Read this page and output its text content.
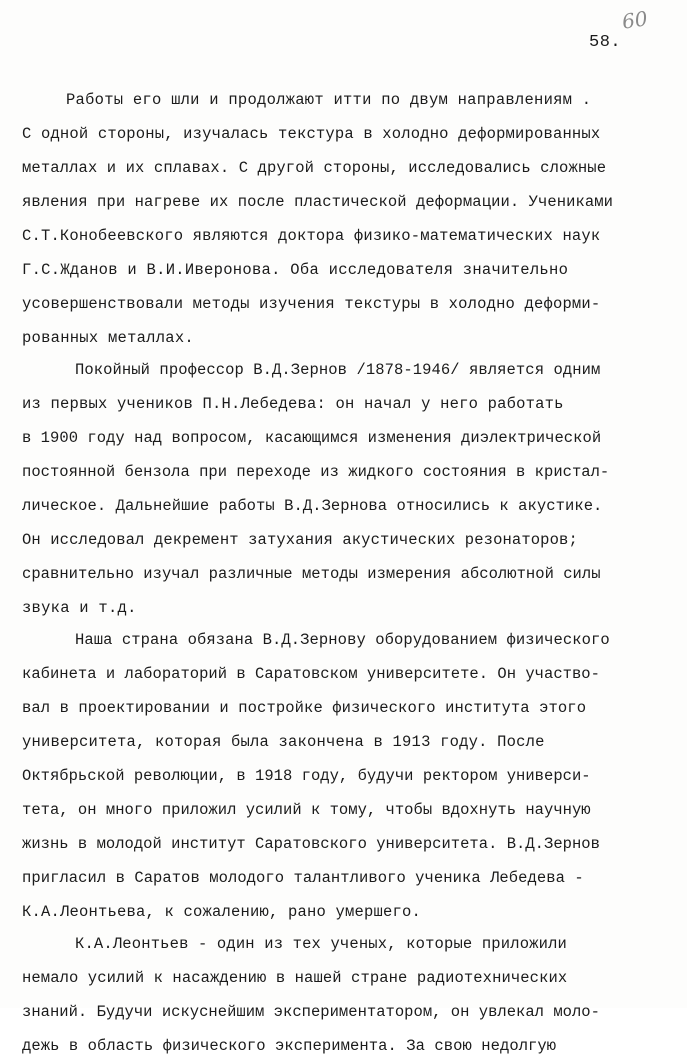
60
58.
Работы его шли и продолжают итти по двум направлениям .
С одной стороны, изучалась текстура в холодно деформированных
металлах и их сплавах. С другой стороны, исследовались сложные
явления при нагреве их после пластической деформации. Учениками
С.Т.Конобеевского являются доктора физико-математических наук
Г.С.Жданов и В.И.Иверонова. Оба исследователя значительно
усовершенствовали методы изучения текстуры в холодно деформи-
рованных металлах.
Покойный профессор В.Д.Зернов /1878-1946/ является одним
из первых учеников П.Н.Лебедева: он начал у него работать
в 1900 году над вопросом, касающимся изменения диэлектрической
постоянной бензола при переходе из жидкого состояния в кристал-
лическое. Дальнейшие работы В.Д.Зернова относились к акустике.
Он исследовал декремент затухания акустических резонаторов;
сравнительно изучал различные методы измерения абсолютной силы
звука и т.д.
Наша страна обязана В.Д.Зернову оборудованием физического
кабинета и лабораторий в Саратовском университете. Он участво-
вал в проектировании и постройке физического института этого
университета, которая была закончена в 1913 году. После
Октябрьской революции, в 1918 году, будучи ректором универси-
тета, он много приложил усилий к тому, чтобы вдохнуть научную
жизнь в молодой институт Саратовского университета. В.Д.Зернов
пригласил в Саратов молодого талантливого ученика Лебедева -
К.А.Леонтьева, к сожалению, рано умершего.
К.А.Леонтьев - один из тех ученых, которые приложили
немало усилий к насаждению в нашей стране радиотехнических
знаний. Будучи искуснейшим экспериментатором, он увлекал моло-
дежь в область физического эксперимента. За свою недолгую
